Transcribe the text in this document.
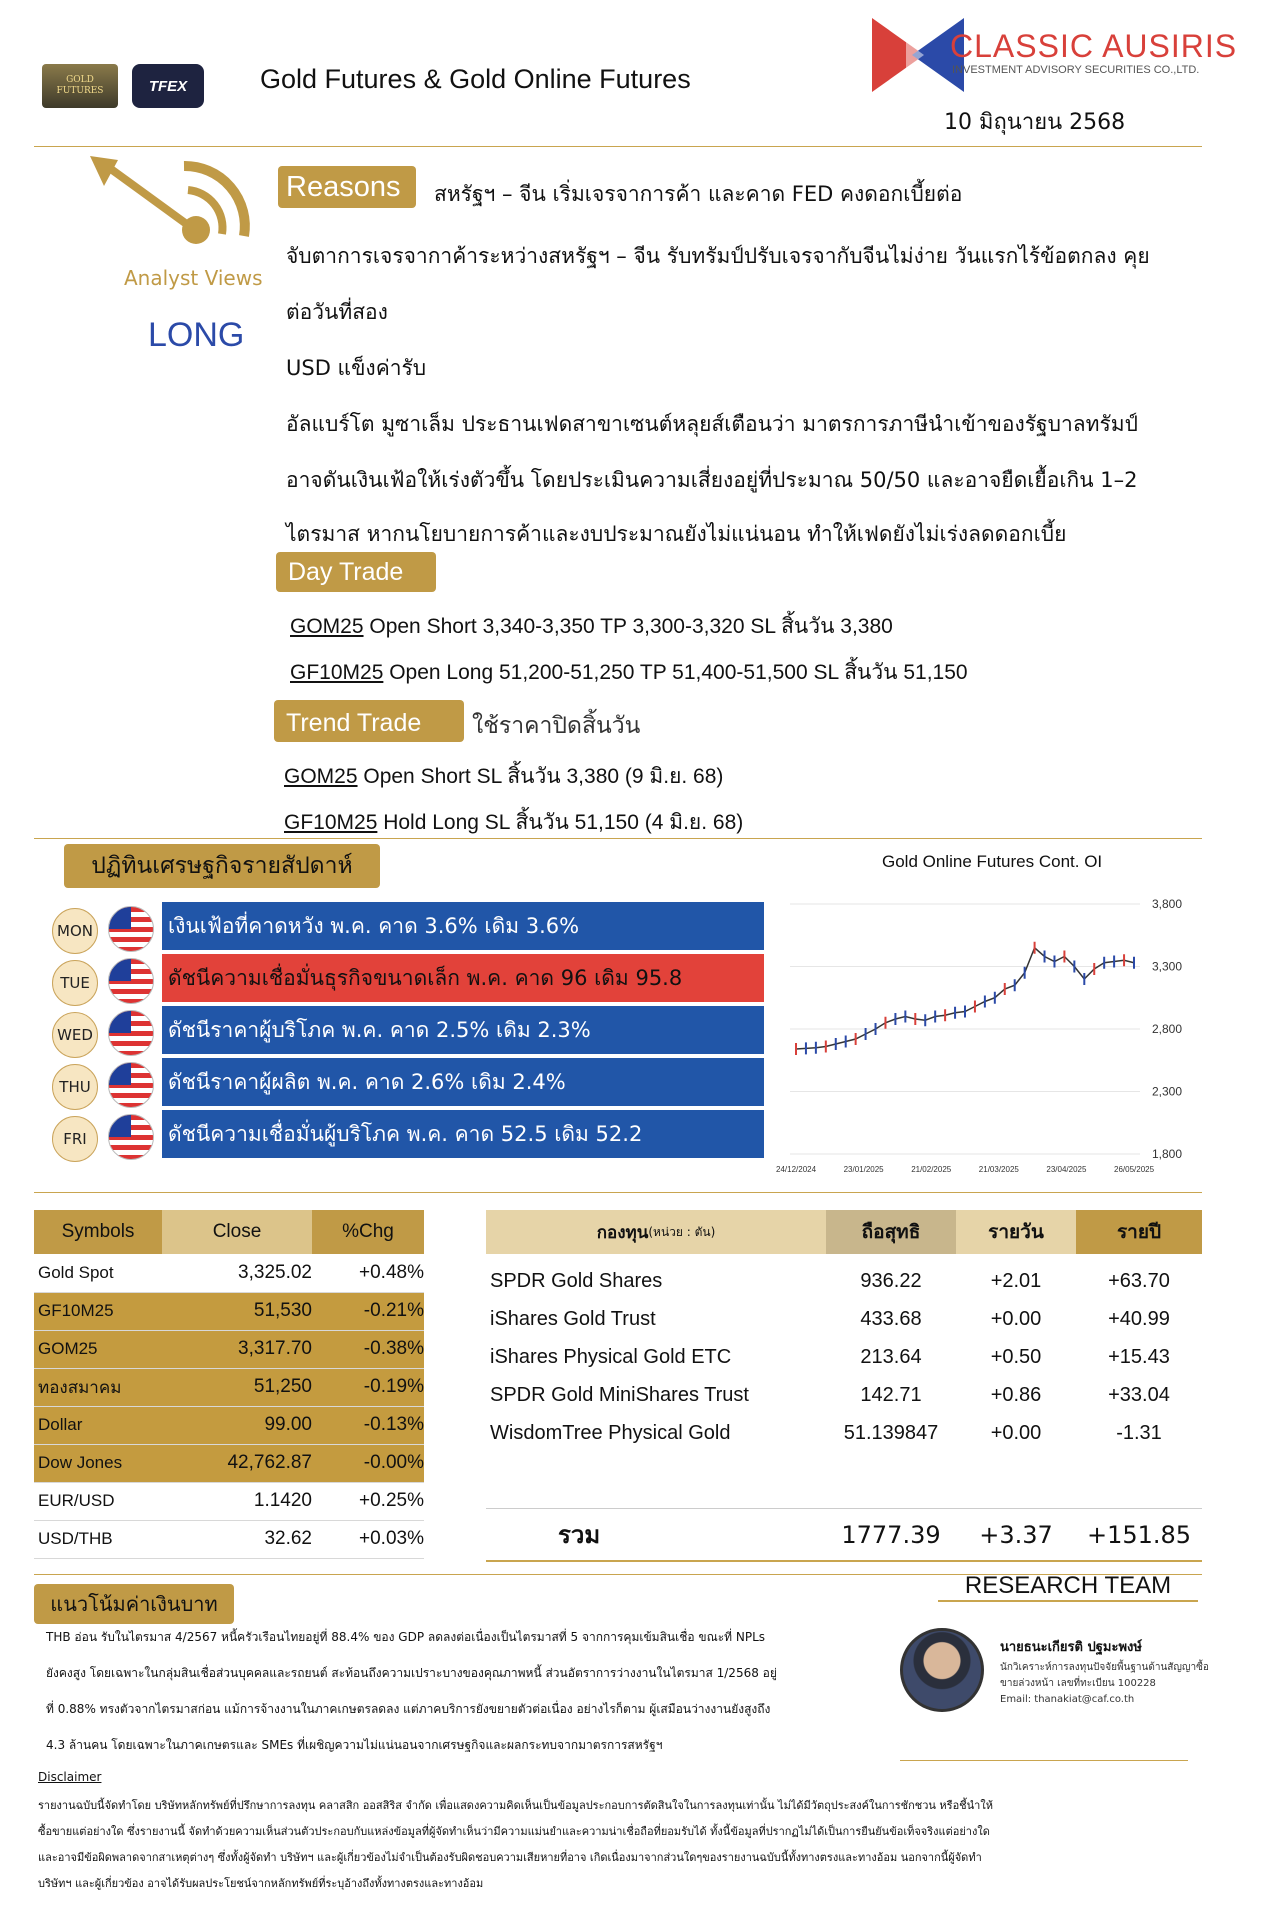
GOLD FUTURES	TFEX	Gold Futures & Gold Online Futures
CLASSIC AUSIRIS
INVESTMENT ADVISORY SECURITIES CO.,LTD.
10 มิถุนายน 2568
Analyst Views
LONG
Reasons	สหรัฐฯ – จีน เริ่มเจรจาการค้า และคาด FED คงดอกเบี้ยต่อ
จับตาการเจรจากาค้าระหว่างสหรัฐฯ – จีน รับทรัมป์ปรับเจรจากับจีนไม่ง่าย วันแรกไร้ข้อตกลง คุย
ต่อวันที่สอง
USD แข็งค่ารับ
อัลแบร์โต มูซาเล็ม ประธานเฟดสาขาเซนต์หลุยส์เตือนว่า มาตรการภาษีนำเข้าของรัฐบาลทรัมป์
อาจดันเงินเฟ้อให้เร่งตัวขึ้น โดยประเมินความเสี่ยงอยู่ที่ประมาณ 50/50 และอาจยืดเยื้อเกิน 1–2
ไตรมาส หากนโยบายการค้าและงบประมาณยังไม่แน่นอน ทำให้เฟดยังไม่เร่งลดดอกเบี้ย
Day Trade
GOM25 Open Short 3,340-3,350 TP 3,300-3,320 SL สิ้นวัน 3,380
GF10M25 Open Long 51,200-51,250 TP 51,400-51,500 SL สิ้นวัน 51,150
Trend Trade	ใช้ราคาปิดสิ้นวัน
GOM25 Open Short SL สิ้นวัน 3,380 (9 มิ.ย. 68)
GF10M25 Hold Long SL สิ้นวัน 51,150 (4 มิ.ย. 68)
ปฏิทินเศรษฐกิจรายสัปดาห์
MON	เงินเฟ้อที่คาดหวัง พ.ค. คาด 3.6% เดิม 3.6%
TUE	ดัชนีความเชื่อมั่นธุรกิจขนาดเล็ก พ.ค. คาด 96 เดิม 95.8
WED	ดัชนีราคาผู้บริโภค พ.ค. คาด 2.5% เดิม 2.3%
THU	ดัชนีราคาผู้ผลิต พ.ค. คาด 2.6% เดิม 2.4%
FRI	ดัชนีความเชื่อมั่นผู้บริโภค พ.ค. คาด 52.5 เดิม 52.2
Gold Online Futures Cont. OI
3,800
3,300
2,800
2,300
1,800
24/12/2024	23/01/2025	21/02/2025	21/03/2025	23/04/2025	26/05/2025
Symbols	Close	%Chg
Gold Spot	3,325.02	+0.48%
GF10M25	51,530	-0.21%
GOM25	3,317.70	-0.38%
ทองสมาคม	51,250	-0.19%
Dollar	99.00	-0.13%
Dow Jones	42,762.87	-0.00%
EUR/USD	1.1420	+0.25%
USD/THB	32.62	+0.03%
กองทุน (หน่วย : ตัน)	ถือสุทธิ	รายวัน	รายปี
SPDR Gold Shares	936.22	+2.01	+63.70
iShares Gold Trust	433.68	+0.00	+40.99
iShares Physical Gold ETC	213.64	+0.50	+15.43
SPDR Gold MiniShares Trust	142.71	+0.86	+33.04
WisdomTree Physical Gold	51.139847	+0.00	-1.31
รวม	1777.39	+3.37	+151.85
แนวโน้มค่าเงินบาท
THB อ่อน รับในไตรมาส 4/2567 หนี้ครัวเรือนไทยอยู่ที่ 88.4% ของ GDP ลดลงต่อเนื่องเป็นไตรมาสที่ 5 จากการคุมเข้มสินเชื่อ ขณะที่ NPLs
ยังคงสูง โดยเฉพาะในกลุ่มสินเชื่อส่วนบุคคลและรถยนต์ สะท้อนถึงความเปราะบางของคุณภาพหนี้ ส่วนอัตราการว่างงานในไตรมาส 1/2568 อยู่
ที่ 0.88% ทรงตัวจากไตรมาสก่อน แม้การจ้างงานในภาคเกษตรลดลง แต่ภาคบริการยังขยายตัวต่อเนื่อง อย่างไรก็ตาม ผู้เสมือนว่างงานยังสูงถึง
4.3 ล้านคน โดยเฉพาะในภาคเกษตรและ SMEs ที่เผชิญความไม่แน่นอนจากเศรษฐกิจและผลกระทบจากมาตรการสหรัฐฯ
RESEARCH TEAM
นายธนะเกียรติ ปฐมะพงษ์
นักวิเคราะห์การลงทุนปัจจัยพื้นฐานด้านสัญญาซื้อ
ขายล่วงหน้า เลขที่ทะเบียน 100228
Email: thanakiat@caf.co.th
Disclaimer
รายงานฉบับนี้จัดทำโดย บริษัทหลักทรัพย์ที่ปรึกษาการลงทุน คลาสสิก ออสสิริส จำกัด เพื่อแสดงความคิดเห็นเป็นข้อมูลประกอบการตัดสินใจในการลงทุนเท่านั้น ไม่ได้มีวัตถุประสงค์ในการชักชวน หรือชี้นำให้
ซื้อขายแต่อย่างใด ซึ่งรายงานนี้ จัดทำด้วยความเห็นส่วนตัวประกอบกับแหล่งข้อมูลที่ผู้จัดทำเห็นว่ามีความแม่นยำและความน่าเชื่อถือที่ยอมรับได้ ทั้งนี้ข้อมูลที่ปรากฏไม่ได้เป็นการยืนยันข้อเท็จจริงแต่อย่างใด
และอาจมีข้อผิดพลาดจากสาเหตุต่างๆ ซึ่งทั้งผู้จัดทำ บริษัทฯ และผู้เกี่ยวข้องไม่จำเป็นต้องรับผิดชอบความเสียหายที่อาจ เกิดเนื่องมาจากส่วนใดๆของรายงานฉบับนี้ทั้งทางตรงและทางอ้อม นอกจากนี้ผู้จัดทำ
บริษัทฯ และผู้เกี่ยวข้อง อาจได้รับผลประโยชน์จากหลักทรัพย์ที่ระบุอ้างถึงทั้งทางตรงและทางอ้อม
